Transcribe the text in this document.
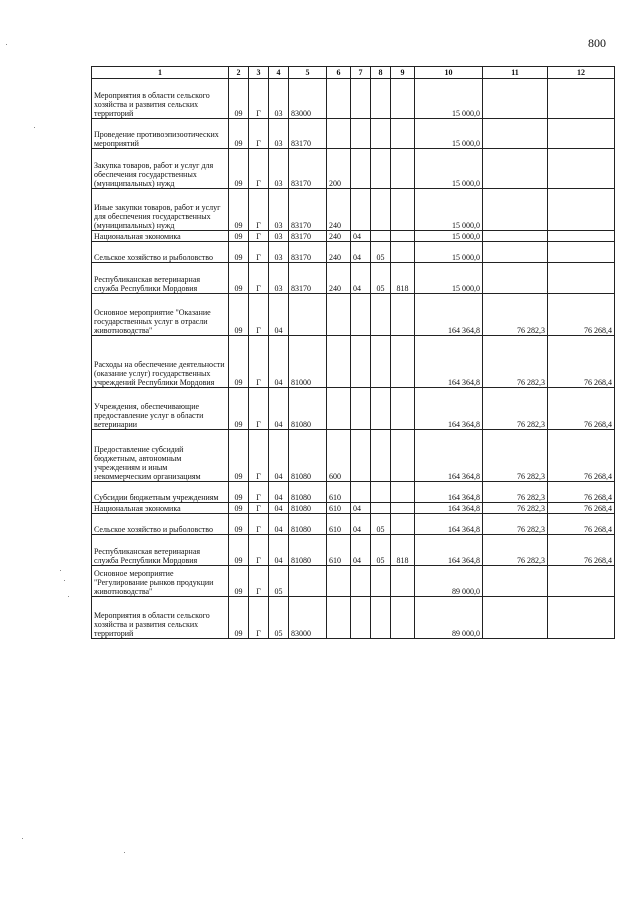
800
1	2	3	4	5	6	7	8	9	10	11	12
Мероприятия в области сельского хозяйства и развития сельских территорий	09	Г	03	83000					15 000,0		
Проведение противоэпизоотических мероприятий	09	Г	03	83170					15 000,0		
Закупка товаров, работ и услуг для обеспечения государственных (муниципальных) нужд	09	Г	03	83170	200				15 000,0		
Иные закупки товаров, работ и услуг для обеспечения государственных (муниципальных) нужд	09	Г	03	83170	240				15 000,0		
Национальная экономика	09	Г	03	83170	240	04			15 000,0		
Сельское хозяйство и рыболовство	09	Г	03	83170	240	04	05		15 000,0		
Республиканская ветеринарная служба Республики Мордовия	09	Г	03	83170	240	04	05	818	15 000,0		
Основное мероприятие "Оказание государственных услуг в отрасли животноводства"	09	Г	04						164 364,8	76 282,3	76 268,4
Расходы на обеспечение деятельности (оказание услуг) государственных учреждений Республики Мордовия	09	Г	04	81000					164 364,8	76 282,3	76 268,4
Учреждения, обеспечивающие предоставление услуг в области ветеринарии	09	Г	04	81080					164 364,8	76 282,3	76 268,4
Предоставление субсидий бюджетным, автономным учреждениям и иным некоммерческим организациям	09	Г	04	81080	600				164 364,8	76 282,3	76 268,4
Субсидии бюджетным учреждениям	09	Г	04	81080	610				164 364,8	76 282,3	76 268,4
Национальная экономика	09	Г	04	81080	610	04			164 364,8	76 282,3	76 268,4
Сельское хозяйство и рыболовство	09	Г	04	81080	610	04	05		164 364,8	76 282,3	76 268,4
Республиканская ветеринарная служба Республики Мордовия	09	Г	04	81080	610	04	05	818	164 364,8	76 282,3	76 268,4
Основное мероприятие "Регулирование рынков продукции животноводства"	09	Г	05						89 000,0		
Мероприятия в области сельского хозяйства и развития сельских территорий	09	Г	05	83000					89 000,0		
